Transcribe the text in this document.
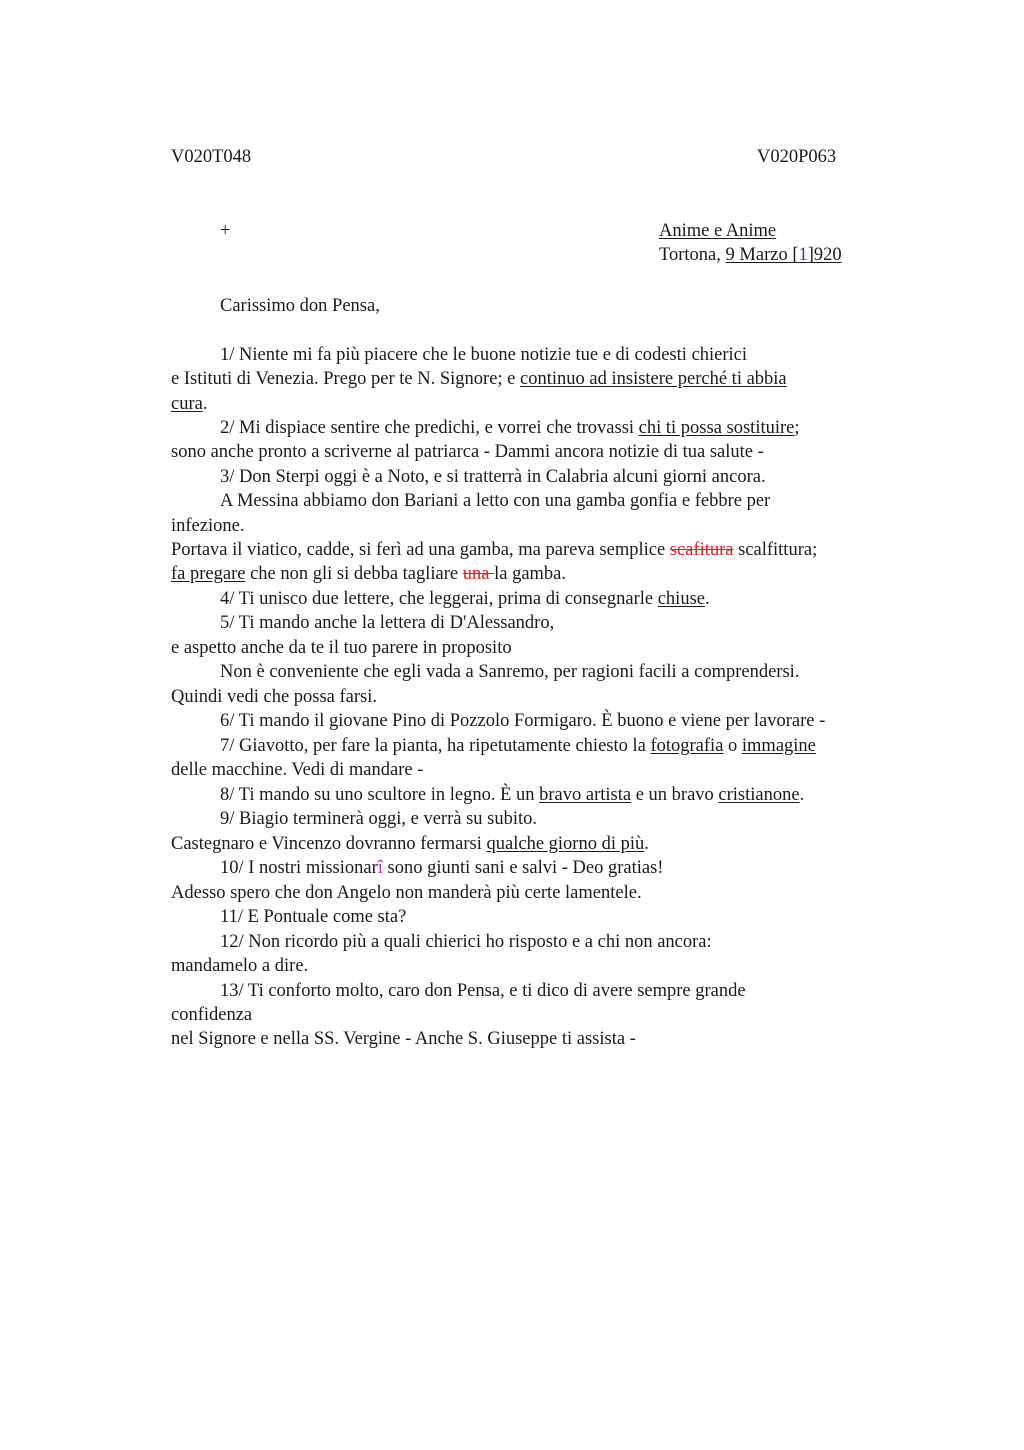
V020T048	V020P063
+	Anime e Anime
Tortona, 9 Marzo [1]920
Carissimo don Pensa,
1/ Niente mi fa più piacere che le buone notizie tue e di codesti chierici
e Istituti di Venezia. Prego per te N. Signore; e continuo ad insistere perché ti abbia
cura.
2/ Mi dispiace sentire che predichi, e vorrei che trovassi chi ti possa sostituire;
sono anche pronto a scriverne al patriarca - Dammi ancora notizie di tua salute -
3/ Don Sterpi oggi è a Noto, e si tratterrà in Calabria alcuni giorni ancora.
A Messina abbiamo don Bariani a letto con una gamba gonfia e febbre per
infezione.
Portava il viatico, cadde, si ferì ad una gamba, ma pareva semplice scafitura scalfittura;
fa pregare che non gli si debba tagliare una la gamba.
4/ Ti unisco due lettere, che leggerai, prima di consegnarle chiuse.
5/ Ti mando anche la lettera di D'Alessandro,
e aspetto anche da te il tuo parere in proposito
Non è conveniente che egli vada a Sanremo, per ragioni facili a comprendersi.
Quindi vedi che possa farsi.
6/ Ti mando il giovane Pino di Pozzolo Formigaro. È buono e viene per lavorare -
7/ Giavotto, per fare la pianta, ha ripetutamente chiesto la fotografia o immagine
delle macchine. Vedi di mandare -
8/ Ti mando su uno scultore in legno. È un bravo artista e un bravo cristianone.
9/ Biagio terminerà oggi, e verrà su subito.
Castegnaro e Vincenzo dovranno fermarsi qualche giorno di più.
10/ I nostri missionarî sono giunti sani e salvi - Deo gratias!
Adesso spero che don Angelo non manderà più certe lamentele.
11/ E Pontuale come sta?
12/ Non ricordo più a quali chierici ho risposto e a chi non ancora:
mandamelo a dire.
13/ Ti conforto molto, caro don Pensa, e ti dico di avere sempre grande
confidenza
nel Signore e nella SS. Vergine - Anche S. Giuseppe ti assista -
